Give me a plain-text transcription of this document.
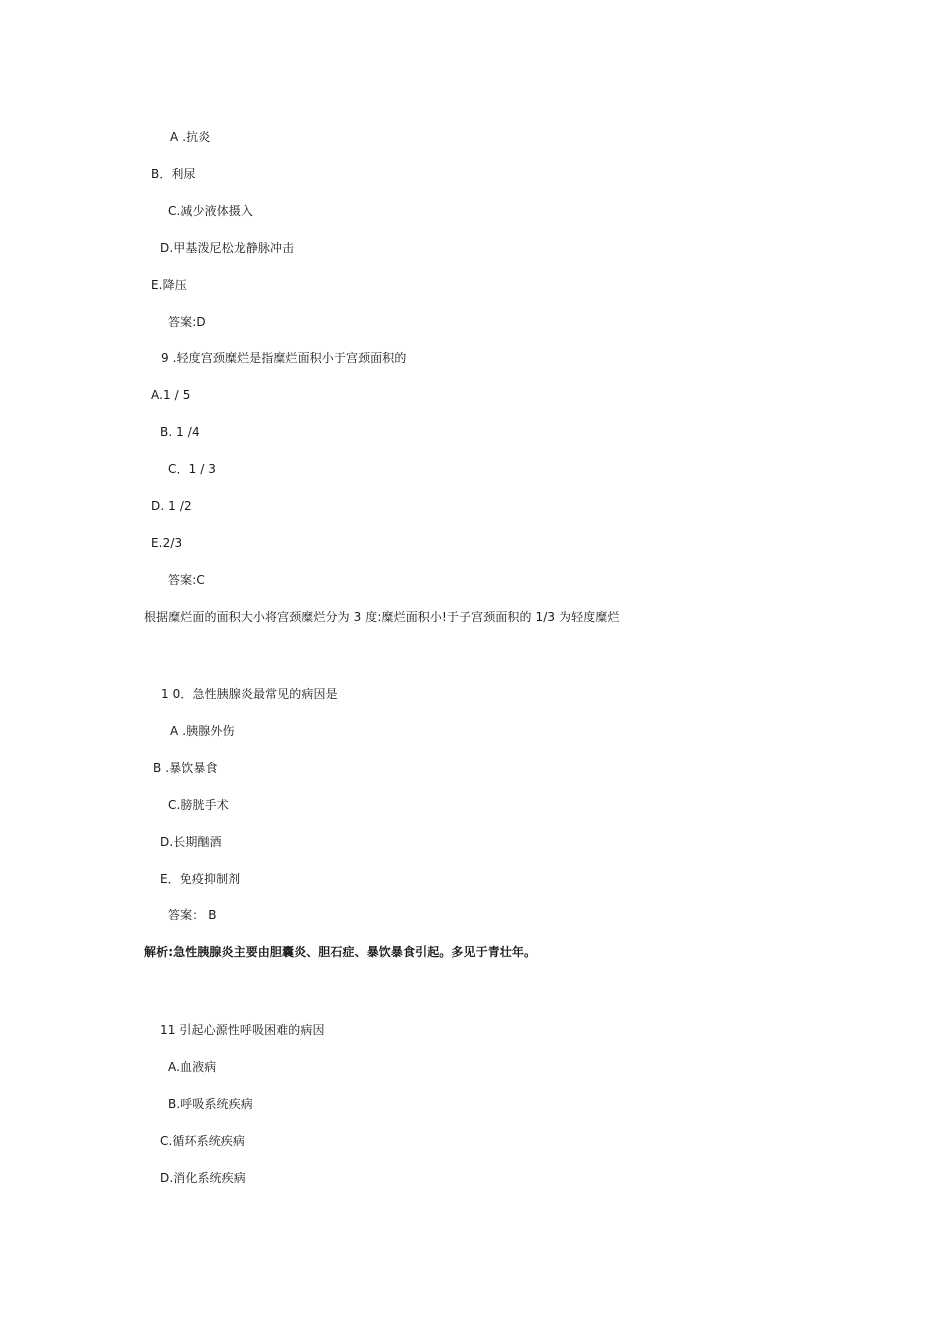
A .抗炎
B．利尿
C.减少液体摄入
D.甲基泼尼松龙静脉冲击
E.降压
答案:D
9 .轻度宫颈糜烂是指糜烂面积小于宫颈面积的
A.1 / 5
B. 1 /4
C．1 / 3
D. 1 /2
E.2/3
答案:C
根据糜烂面的面积大小将宫颈糜烂分为 3 度:糜烂面积小!于子宫颈面积的 1/3 为轻度糜烂
1 0．急性胰腺炎最常见的病因是
A .胰腺外伤
B .暴饮暴食
C.膀胱手术
D.长期酗酒
E．免疫抑制剂
答案： B
解析:急性胰腺炎主要由胆囊炎、胆石症、暴饮暴食引起。多见于青壮年。
11 引起心源性呼吸困难的病因
A.血液病
B.呼吸系统疾病
C.循环系统疾病
D.消化系统疾病
